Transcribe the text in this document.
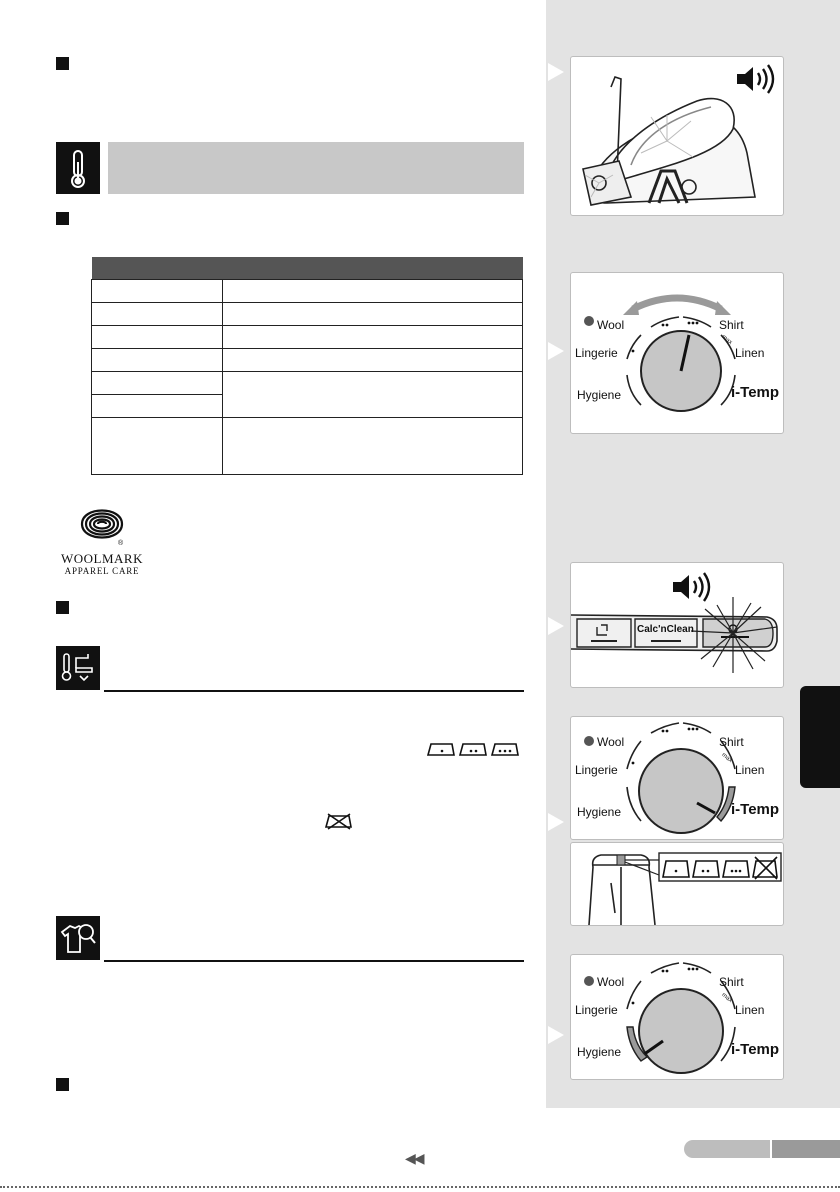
®
WOOLMARK
APPAREL CARE
Wool	Shirt
Lingerie	Linen
Hygiene	i-Temp
max
Calc'nClean
Wool	Shirt
Lingerie	Linen
Hygiene	i-Temp
max
Wool	Shirt
Lingerie	Linen
Hygiene	i-Temp
max
◀◀
